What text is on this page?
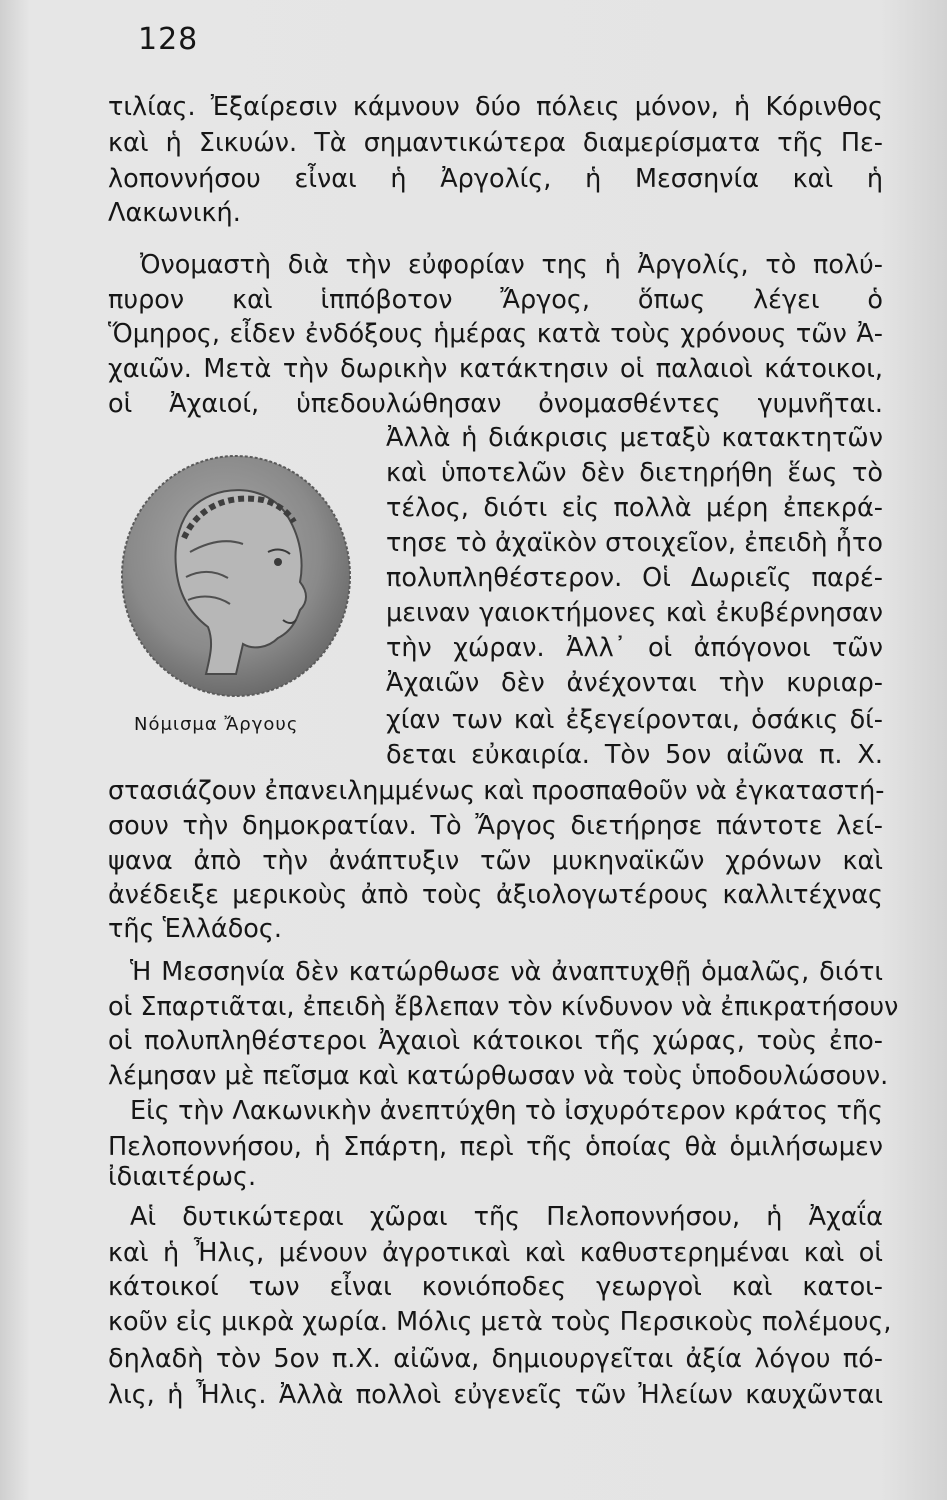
128
τιλίας. Ἐξαίρεσιν κάμνουν δύο πόλεις μόνον, ἡ Κόρινθος
καὶ ἡ Σικυών. Τὰ σημαντικώτερα διαμερίσματα τῆς Πε-
λοποννήσου εἶναι ἡ Ἀργολίς, ἡ Μεσσηνία καὶ ἡ
Λακωνική.
Ὀνομαστὴ διὰ τὴν εὐφορίαν της ἡ Ἀργολίς, τὸ πολύ-
πυρον καὶ ἱππόβοτον Ἄργος, ὅπως λέγει ὁ
Ὅμηρος, εἶδεν ἐνδόξους ἡμέρας κατὰ τοὺς χρόνους τῶν Ἀ-
χαιῶν. Μετὰ τὴν δωρικὴν κατάκτησιν οἱ παλαιοὶ κάτοικοι,
οἱ Ἀχαιοί, ὑπεδουλώθησαν ὀνομασθέντες γυμνῆται.
Ἀλλὰ ἡ διάκρισις μεταξὺ κατακτητῶν
καὶ ὑποτελῶν δὲν διετηρήθη ἕως τὸ
τέλος, διότι εἰς πολλὰ μέρη ἐπεκρά-
τησε τὸ ἀχαϊκὸν στοιχεῖον, ἐπειδὴ ἦτο
πολυπληθέστερον. Οἱ Δωριεῖς παρέ-
μειναν γαιοκτήμονες καὶ ἐκυβέρνησαν
τὴν χώραν. Ἀλλ᾽ οἱ ἀπόγονοι τῶν
Ἀχαιῶν δὲν ἀνέχονται τὴν κυριαρ-
χίαν των καὶ ἐξεγείρονται, ὁσάκις δί-
δεται εὐκαιρία. Τὸν 5ον αἰῶνα π. Χ.
Νόμισμα Ἄργους
στασιάζουν ἐπανειλημμένως καὶ προσπαθοῦν νὰ ἐγκαταστή-
σουν τὴν δημοκρατίαν. Τὸ Ἄργος διετήρησε πάντοτε λεί-
ψανα ἀπὸ τὴν ἀνάπτυξιν τῶν μυκηναϊκῶν χρόνων καὶ
ἀνέδειξε μερικοὺς ἀπὸ τοὺς ἀξιολογωτέρους καλλιτέχνας
τῆς Ἑλλάδος.
Ἡ Μεσσηνία δὲν κατώρθωσε νὰ ἀναπτυχθῇ ὁμαλῶς, διότι
οἱ Σπαρτιᾶται, ἐπειδὴ ἔβλεπαν τὸν κίνδυνον νὰ ἐπικρατήσουν
οἱ πολυπληθέστεροι Ἀχαιοὶ κάτοικοι τῆς χώρας, τοὺς ἐπο-
λέμησαν μὲ πεῖσμα καὶ κατώρθωσαν νὰ τοὺς ὑποδουλώσουν.
Εἰς τὴν Λακωνικὴν ἀνεπτύχθη τὸ ἰσχυρότερον κράτος τῆς
Πελοποννήσου, ἡ Σπάρτη, περὶ τῆς ὁποίας θὰ ὁμιλήσωμεν
ἰδιαιτέρως.
Αἱ δυτικώτεραι χῶραι τῆς Πελοποννήσου, ἡ Ἀχαΐα
καὶ ἡ Ἦλις, μένουν ἀγροτικαὶ καὶ καθυστερημέναι καὶ οἱ
κάτοικοί των εἶναι κονιόποδες γεωργοὶ καὶ κατοι-
κοῦν εἰς μικρὰ χωρία. Μόλις μετὰ τοὺς Περσικοὺς πολέμους,
δηλαδὴ τὸν 5ον π.Χ. αἰῶνα, δημιουργεῖται ἀξία λόγου πό-
λις, ἡ Ἦλις. Ἀλλὰ πολλοὶ εὐγενεῖς τῶν Ἠλείων καυχῶνται
